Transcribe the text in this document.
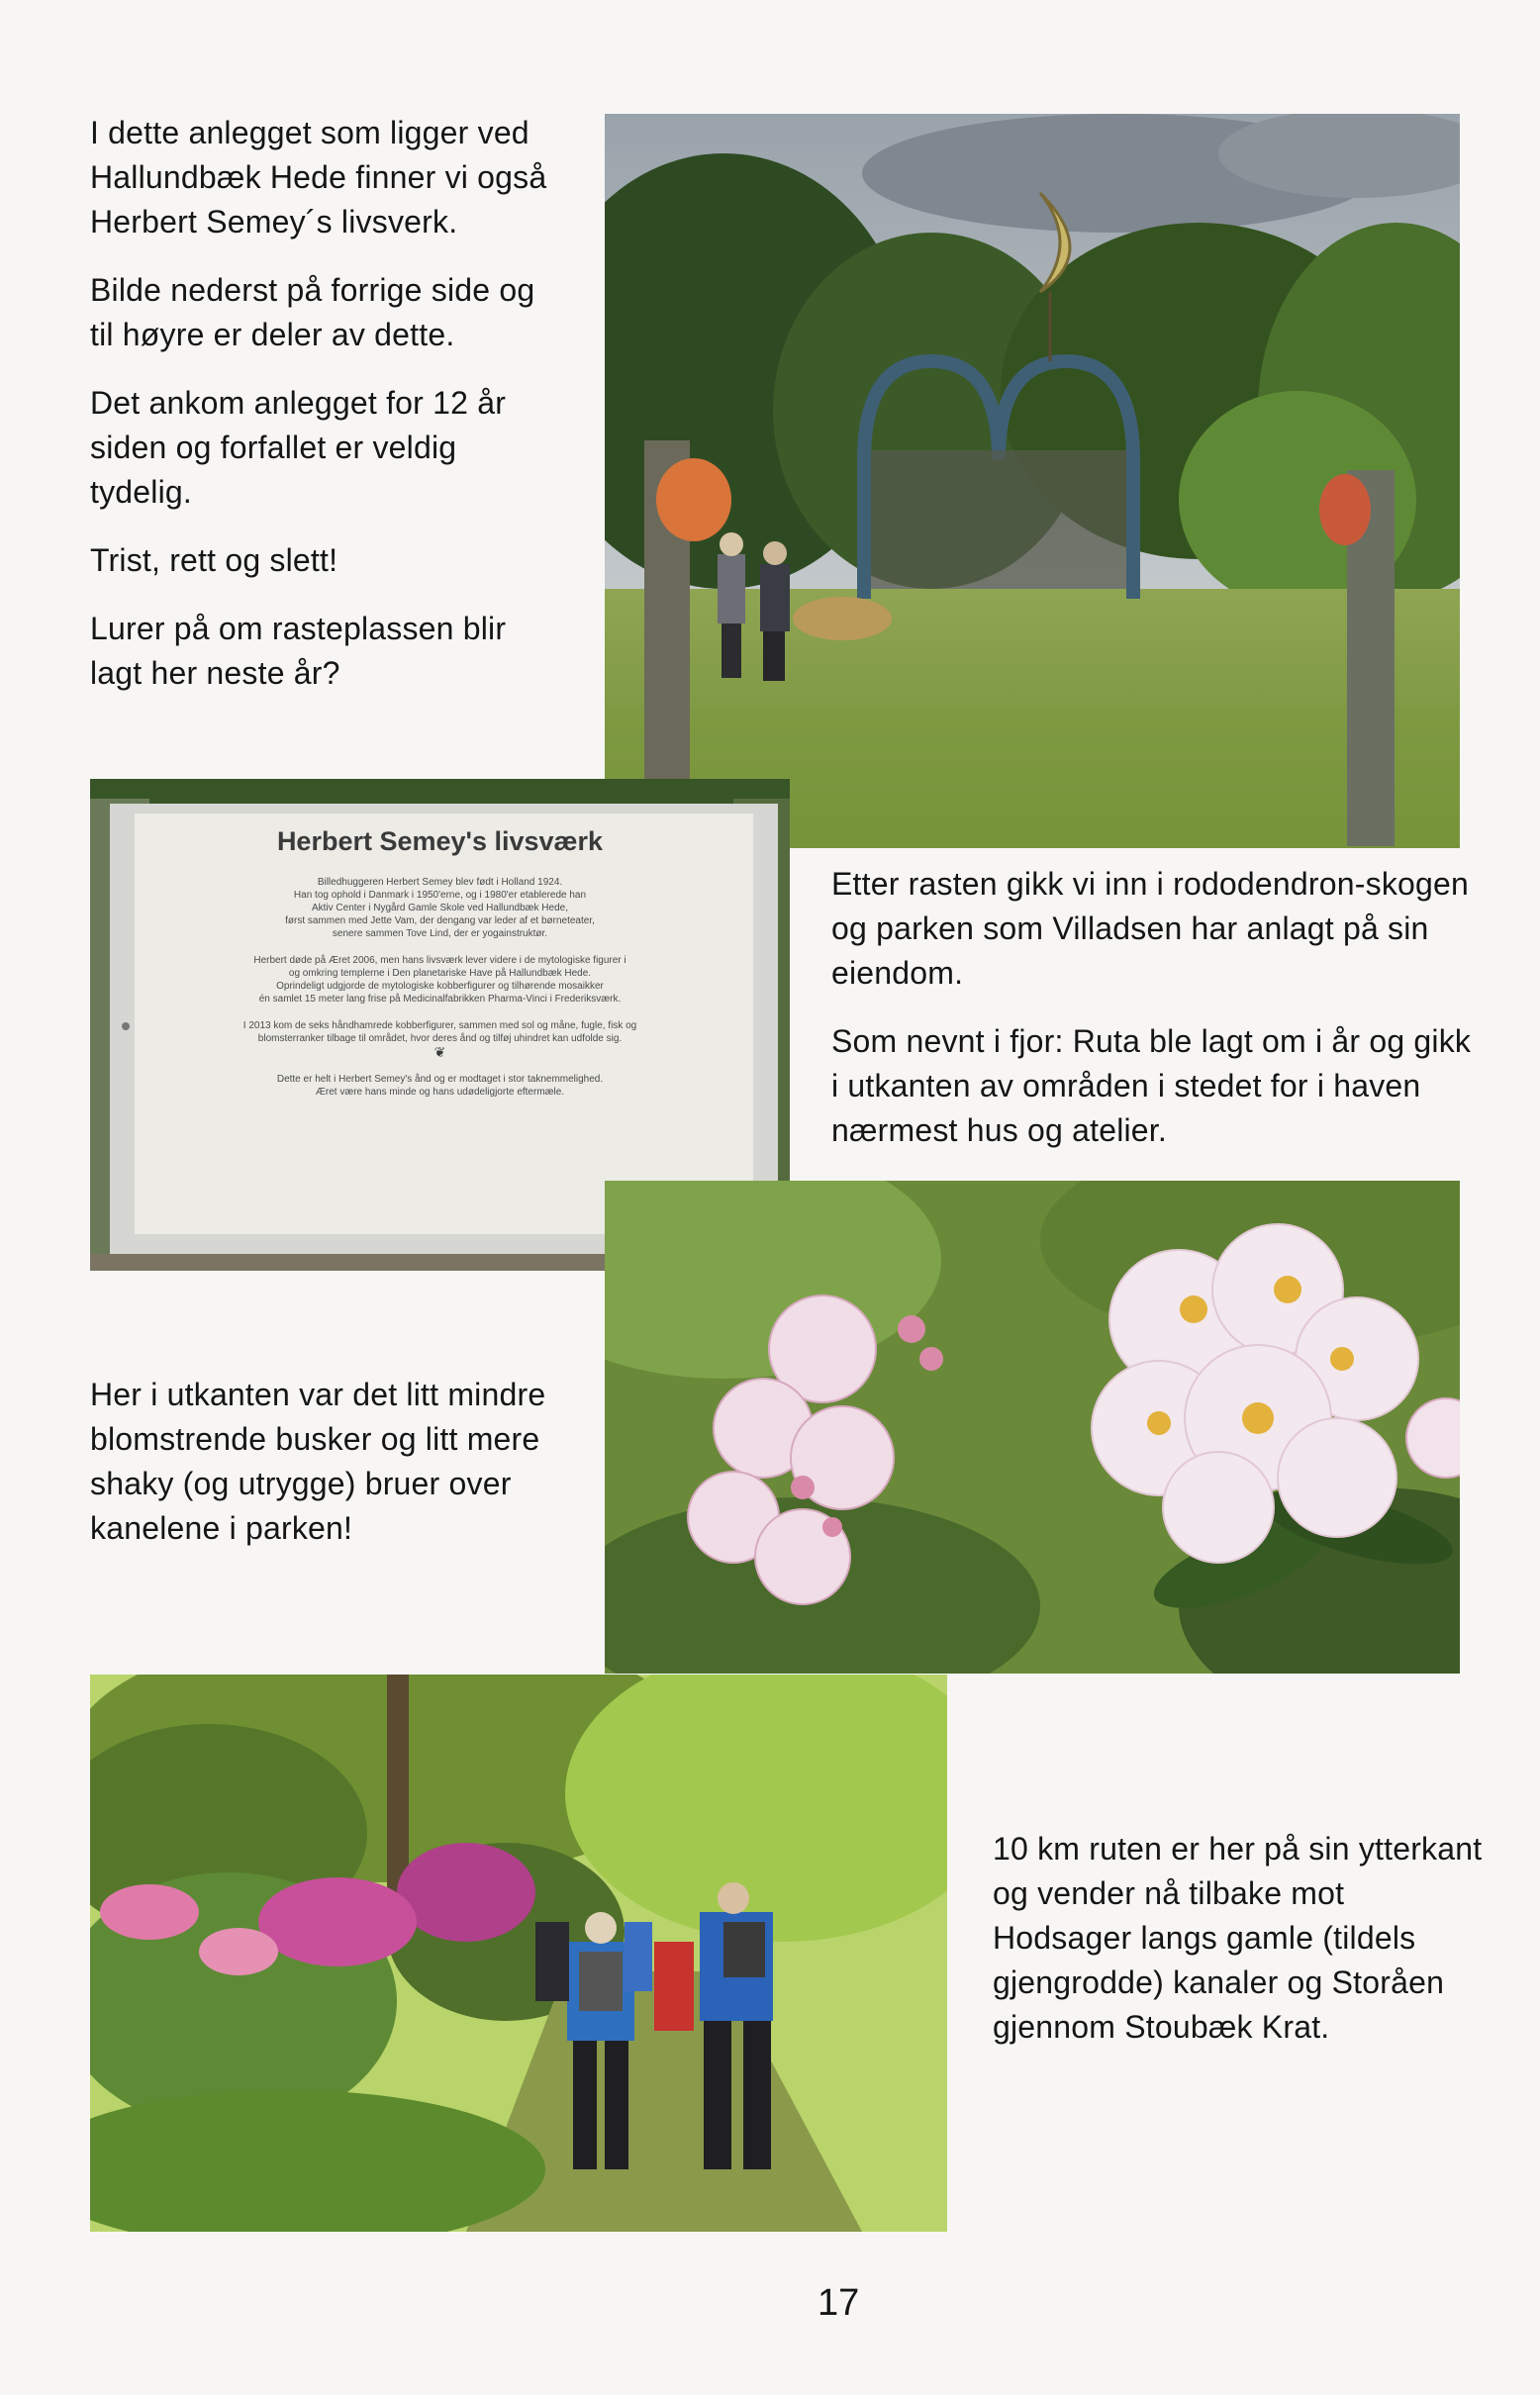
I dette anlegget som ligger ved Hallundbæk Hede finner vi også Herbert Semey´s livsverk.

Bilde nederst på forrige side og til høyre er deler av dette.

Det ankom anlegget for 12 år siden og forfallet er veldig tydelig.

Trist, rett og slett!

Lurer på om rasteplassen blir lagt her neste år?

Herbert Semey's livsværk
Billedhuggeren Herbert Semey blev født i Holland 1924.
Han tog ophold i Danmark i 1950'erne, og i 1980'er etablerede han
Aktiv Center i Nygård Gamle Skole ved Hallundbæk Hede,
først sammen med Jette Vam, der dengang var leder af et børneteater,
senere sammen Tove Lind, der er yogainstruktør.
Herbert døde på Æret 2006, men hans livsværk lever videre i de mytologiske figurer i
og omkring templerne i Den planetariske Have på Hallundbæk Hede.
Oprindeligt udgjorde de mytologiske kobberfigurer og tilhørende mosaikker
én samlet 15 meter lang frise på Medicinalfabrikken Pharma-Vinci i Frederiksværk.
I 2013 kom de seks håndhamrede kobberfigurer, sammen med sol og måne, fugle, fisk og
blomsterranker tilbage til området, hvor deres ånd og tilføj uhindret kan udfolde sig.
❦
Dette er helt i Herbert Semey's ånd og er modtaget i stor taknemmelighed.
Æret være hans minde og hans udødeligjorte eftermæle.

Etter rasten gikk vi inn i rododendron-skogen og parken som Villadsen har anlagt på sin eiendom.

Som nevnt i fjor: Ruta ble lagt om i år og gikk i utkanten av områden i stedet for i haven nærmest hus og atelier.

Her i utkanten var det litt mindre blomstrende busker og litt mere shaky (og utrygge) bruer over kanelene i parken!

10 km ruten er her på sin ytterkant og vender nå tilbake mot Hodsager langs gamle (tildels gjengrodde) kanaler og Storåen gjennom Stoubæk Krat.

17
